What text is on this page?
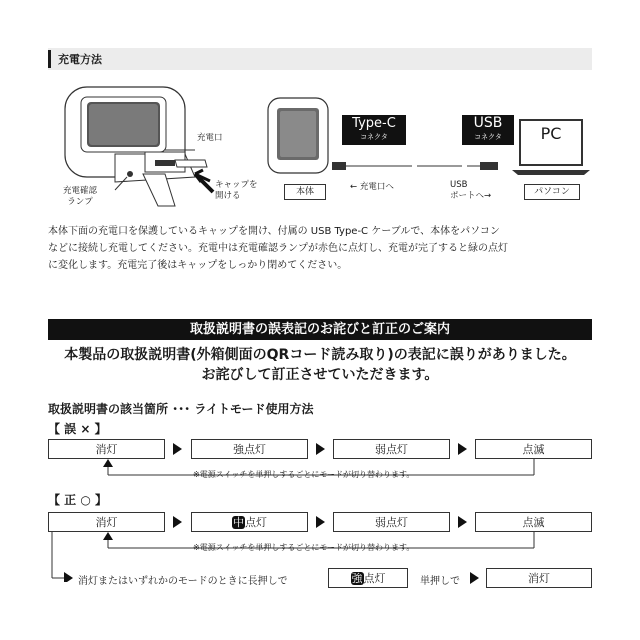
充電方法
充電口
充電確認
ランプ
キャップを
開ける	本体
Type-C
コネクタ
← 充電口へ
USB
コネクタ
USB
ポートへ→
PC
パソコン
本体下面の充電口を保護しているキャップを開け、付属の USB Type-C ケーブルで、本体をパソコン
などに接続し充電してください。充電中は充電確認ランプが赤色に点灯し、充電が完了すると緑の点灯
に変化します。充電完了後はキャップをしっかり閉めてください。
取扱説明書の誤表記のお詫びと訂正のご案内
本製品の取扱説明書(外箱側面のQRコード読み取り)の表記に誤りがありました。
お詫びして訂正させていただきます。
取扱説明書の該当箇所 ･･･ ライトモード使用方法
【 誤 × 】
消灯	強点灯	弱点灯	点滅
※電源スイッチを単押しするごとにモードが切り替わります。
【 正 ○ 】
消灯	中点灯	弱点灯	点滅
※電源スイッチを単押しするごとにモードが切り替わります。
消灯またはいずれかのモードのときに長押しで	強点灯	単押しで	消灯
